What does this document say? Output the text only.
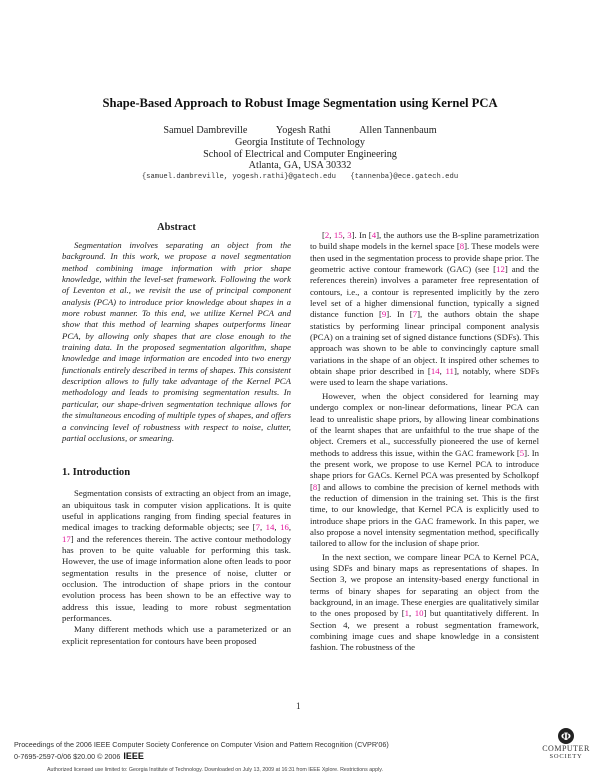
Shape-Based Approach to Robust Image Segmentation using Kernel PCA
Samuel Dambreville	Yogesh Rathi	Allen Tannenbaum
Georgia Institute of Technology
School of Electrical and Computer Engineering
Atlanta, GA, USA 30332
{samuel.dambreville, yogesh.rathi}@gatech.edu {tannenba}@ece.gatech.edu
Abstract

Segmentation involves separating an object from the background. In this work, we propose a novel segmentation method combining image information with prior shape knowledge, within the level-set framework. Following the work of Leventon et al., we revisit the use of principal component analysis (PCA) to introduce prior knowledge about shapes in a more robust manner. To this end, we utilize Kernel PCA and show that this method of learning shapes outperforms linear PCA, by allowing only shapes that are close enough to the training data. In the proposed segmentation algorithm, shape knowledge and image information are encoded into two energy functionals entirely described in terms of shapes. This consistent description allows to fully take advantage of the Kernel PCA methodology and leads to promising segmentation results. In particular, our shape-driven segmentation technique allows for the simultaneous encoding of multiple types of shapes, and offers a convincing level of robustness with respect to noise, clutter, partial occlusions, or smearing.

1. Introduction

Segmentation consists of extracting an object from an image, an ubiquitous task in computer vision applications. It is quite useful in applications ranging from finding special features in medical images to tracking deformable objects; see [7, 14, 16, 17] and the references therein. The active contour methodology has proven to be quite valuable for performing this task. However, the use of image information alone often leads to poor segmentation results in the presence of noise, clutter or occlusion. The introduction of shape priors in the contour evolution process has been shown to be an effective way to address this issue, leading to more robust segmentation performances.

Many different methods which use a parameterized or an explicit representation for contours have been proposed

[2, 15, 3]. In [4], the authors use the B-spline parametrization to build shape models in the kernel space [8]. These models were then used in the segmentation process to provide shape prior. The geometric active contour framework (GAC) (see [12] and the references therein) involves a parameter free representation of contours, i.e., a contour is represented implicitly by the zero level set of a higher dimensional function, typically a signed distance function [9]. In [7], the authors obtain the shape statistics by performing linear principal component analysis (PCA) on a training set of signed distance functions (SDFs). This approach was shown to be able to convincingly capture small variations in the shape of an object. It inspired other schemes to obtain shape prior described in [14, 11], notably, where SDFs were used to learn the shape variations.

However, when the object considered for learning may undergo complex or non-linear deformations, linear PCA can lead to unrealistic shape priors, by allowing linear combinations of the learnt shapes that are unfaithful to the true shape of the object. Cremers et al., successfully pioneered the use of kernel methods to address this issue, within the GAC framework [5]. In the present work, we propose to use Kernel PCA to introduce shape priors for GACs. Kernel PCA was presented by Scholkopf [8] and allows to combine the precision of kernel methods with the reduction of dimension in the training set. This is the first time, to our knowledge, that Kernel PCA is explicitly used to introduce shape priors in the GAC framework. In this paper, we also propose a novel intensity segmentation method, specifically tailored to allow for the inclusion of shape prior.

In the next section, we compare linear PCA to Kernel PCA, using SDFs and binary maps as representations of shapes. In Section 3, we propose an intensity-based energy functional in terms of binary shapes for separating an object from the background, in an image. These energies are qualitatively similar to the ones proposed by [1, 10] but quantitatively different. In Section 4, we present a robust segmentation framework, combining image cues and shape knowledge in a consistent fashion. The robustness of the

1
Proceedings of the 2006 IEEE Computer Society Conference on Computer Vision and Pattern Recognition (CVPR'06)
0-7695-2597-0/06 $20.00 © 2006 IEEE
Authorized licensed use limited to: Georgia Institute of Technology. Downloaded on July 13, 2009 at 16:31 from IEEE Xplore. Restrictions apply.
Φ
COMPUTER
SOCIETY
